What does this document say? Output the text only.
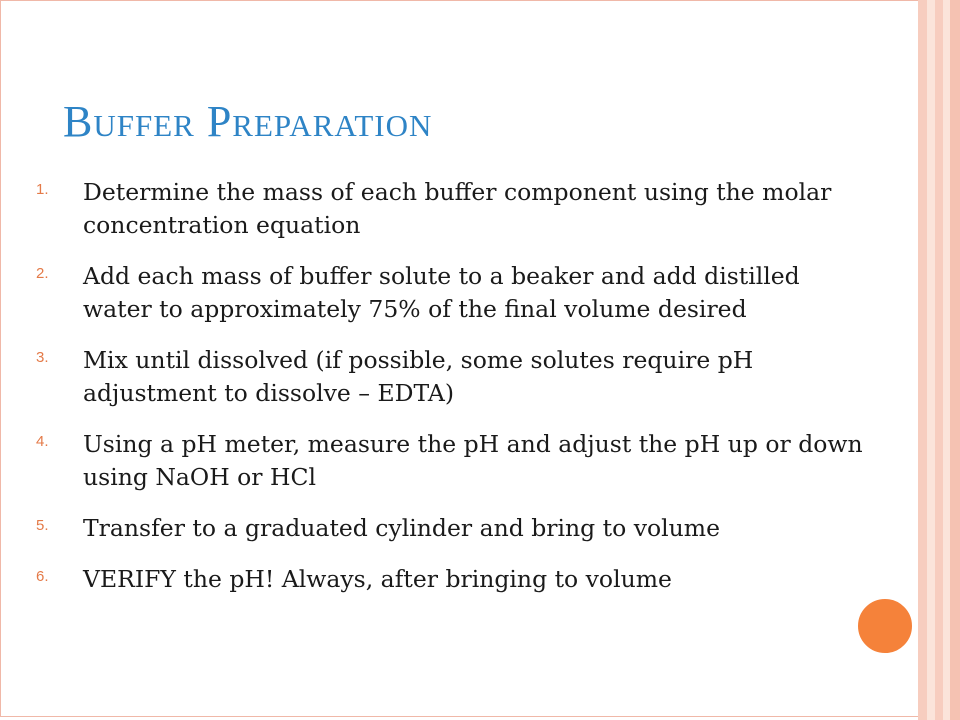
Buffer Preparation
1. Determine the mass of each buffer component using the molar concentration equation
2. Add each mass of buffer solute to a beaker and add distilled water to approximately 75% of the final volume desired
3. Mix until dissolved (if possible, some solutes require pH adjustment to dissolve – EDTA)
4. Using a pH meter, measure the pH and adjust the pH up or down using NaOH or HCl
5. Transfer to a graduated cylinder and bring to volume
6. VERIFY the pH! Always, after bringing to volume
